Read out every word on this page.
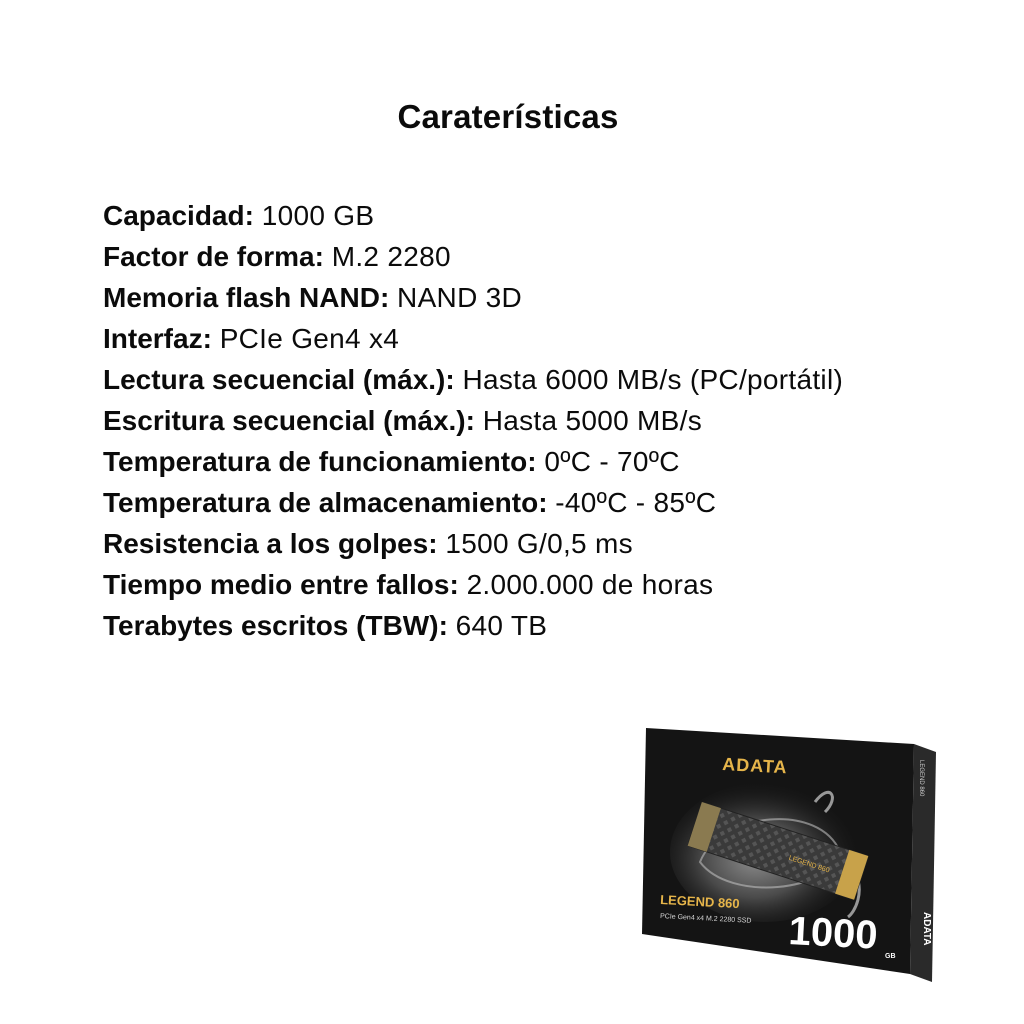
Caraterísticas
Capacidad: 1000 GB
Factor de forma: M.2 2280
Memoria flash NAND: NAND 3D
Interfaz: PCIe Gen4 x4
Lectura secuencial (máx.): Hasta 6000 MB/s (PC/portátil)
Escritura secuencial (máx.): Hasta 5000 MB/s
Temperatura de funcionamiento: 0ºC - 70ºC
Temperatura de almacenamiento: -40ºC - 85ºC
Resistencia a los golpes: 1500 G/0,5 ms
Tiempo medio entre fallos: 2.000.000 de horas
Terabytes escritos (TBW): 640 TB
LEGEND 860
ADATA
LEGEND 860
PCIe Gen4 x4 M.2 2280 SSD 1000 GB
ADATA
LEGEND 860
